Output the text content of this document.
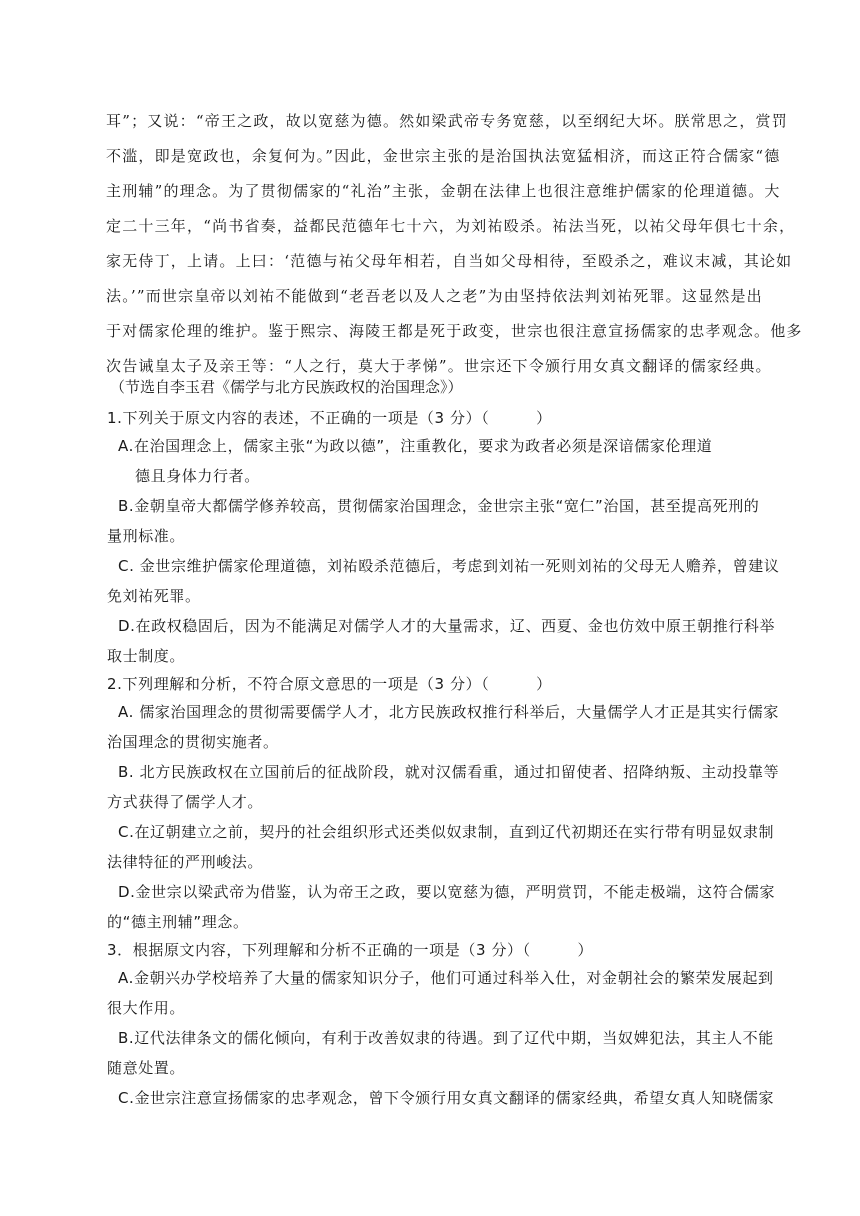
耳”；又说：“帝王之政，故以宽慈为德。然如梁武帝专务宽慈，以至纲纪大坏。朕常思之，赏罚
不滥，即是宽政也，余复何为。”因此，金世宗主张的是治国执法宽猛相济，而这正符合儒家“德
主刑辅”的理念。为了贯彻儒家的“礼治”主张，金朝在法律上也很注意维护儒家的伦理道德。大
定二十三年，“尚书省奏，益都民范德年七十六，为刘祐殴杀。祐法当死，以祐父母年俱七十余，
家无侍丁，上请。上曰：‘范德与祐父母年相若，自当如父母相待，至殴杀之，难议末减，其论如
法。’”而世宗皇帝以刘祐不能做到“老吾老以及人之老”为由坚持依法判刘祐死罪。这显然是出
于对儒家伦理的维护。鉴于熙宗、海陵王都是死于政变，世宗也很注意宣扬儒家的忠孝观念。他多
次告诫皇太子及亲王等：“人之行，莫大于孝悌”。世宗还下令颁行用女真文翻译的儒家经典。
（节选自李玉君《儒学与北方民族政权的治国理念》）
1.下列关于原文内容的表述，不正确的一项是（3 分）（　　　）
A.在治国理念上，儒家主张“为政以德”，注重教化，要求为政者必须是深谙儒家伦理道
德且身体力行者。
B.金朝皇帝大都儒学修养较高，贯彻儒家治国理念，金世宗主张“宽仁”治国，甚至提高死刑的
量刑标准。
C. 金世宗维护儒家伦理道德，刘祐殴杀范德后，考虑到刘祐一死则刘祐的父母无人赡养，曾建议
免刘祐死罪。
D.在政权稳固后，因为不能满足对儒学人才的大量需求，辽、西夏、金也仿效中原王朝推行科举
取士制度。
2.下列理解和分析，不符合原文意思的一项是（3 分）（　　　）
A. 儒家治国理念的贯彻需要儒学人才，北方民族政权推行科举后，大量儒学人才正是其实行儒家
治国理念的贯彻实施者。
B. 北方民族政权在立国前后的征战阶段，就对汉儒看重，通过扣留使者、招降纳叛、主动投靠等
方式获得了儒学人才。
C.在辽朝建立之前，契丹的社会组织形式还类似奴隶制，直到辽代初期还在实行带有明显奴隶制
法律特征的严刑峻法。
D.金世宗以梁武帝为借鉴，认为帝王之政，要以宽慈为德，严明赏罚，不能走极端，这符合儒家
的“德主刑辅”理念。
3．根据原文内容，下列理解和分析不正确的一项是（3 分）（　　　）
A.金朝兴办学校培养了大量的儒家知识分子，他们可通过科举入仕，对金朝社会的繁荣发展起到
很大作用。
B.辽代法律条文的儒化倾向，有利于改善奴隶的待遇。到了辽代中期，当奴婢犯法，其主人不能
随意处置。
C.金世宗注意宣扬儒家的忠孝观念，曾下令颁行用女真文翻译的儒家经典，希望女真人知晓儒家
